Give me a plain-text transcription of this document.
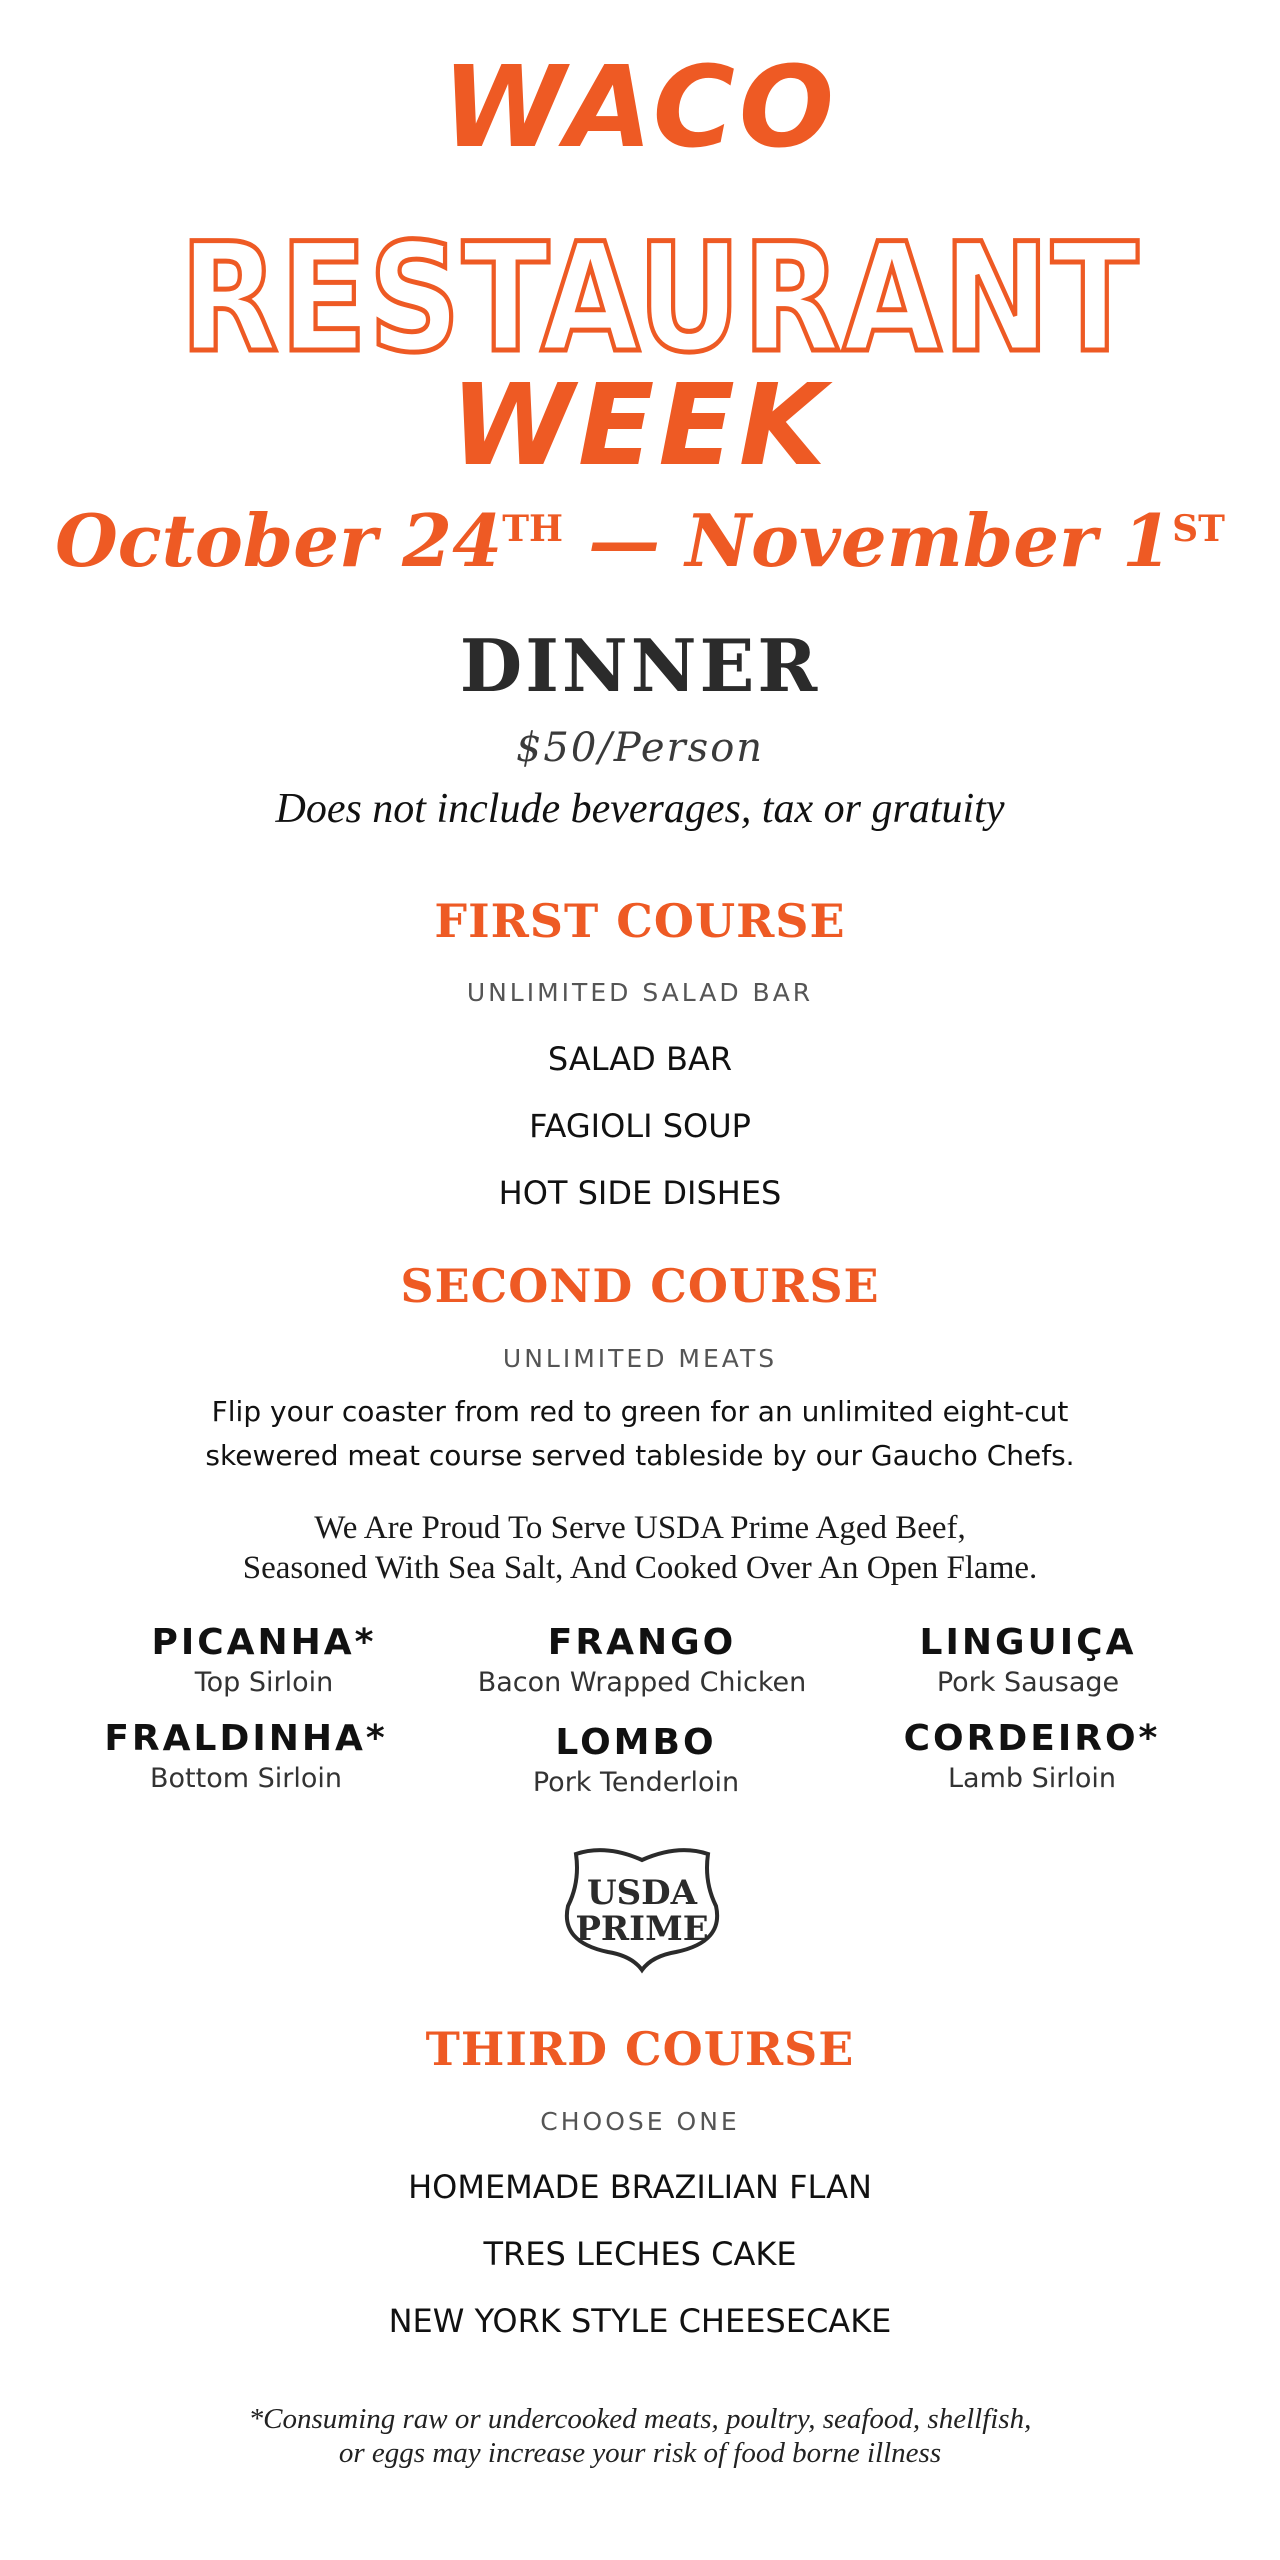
WACO
RESTAURANT
WEEK
October 24TH — November 1ST
DINNER
$50/Person
Does not include beverages, tax or gratuity
FIRST COURSE
UNLIMITED SALAD BAR
SALAD BAR
FAGIOLI SOUP
HOT SIDE DISHES
SECOND COURSE
UNLIMITED MEATS
Flip your coaster from red to green for an unlimited eight-cut
skewered meat course served tableside by our Gaucho Chefs.
We Are Proud To Serve USDA Prime Aged Beef,
Seasoned With Sea Salt, And Cooked Over An Open Flame.
PICANHA*
Top Sirloin
FRANGO
Bacon Wrapped Chicken
LINGUIÇA
Pork Sausage
FRALDINHA*
Bottom Sirloin
LOMBO
Pork Tenderloin
CORDEIRO*
Lamb Sirloin
USDA
PRIME
THIRD COURSE
CHOOSE ONE
HOMEMADE BRAZILIAN FLAN
TRES LECHES CAKE
NEW YORK STYLE CHEESECAKE
*Consuming raw or undercooked meats, poultry, seafood, shellfish,
or eggs may increase your risk of food borne illness
